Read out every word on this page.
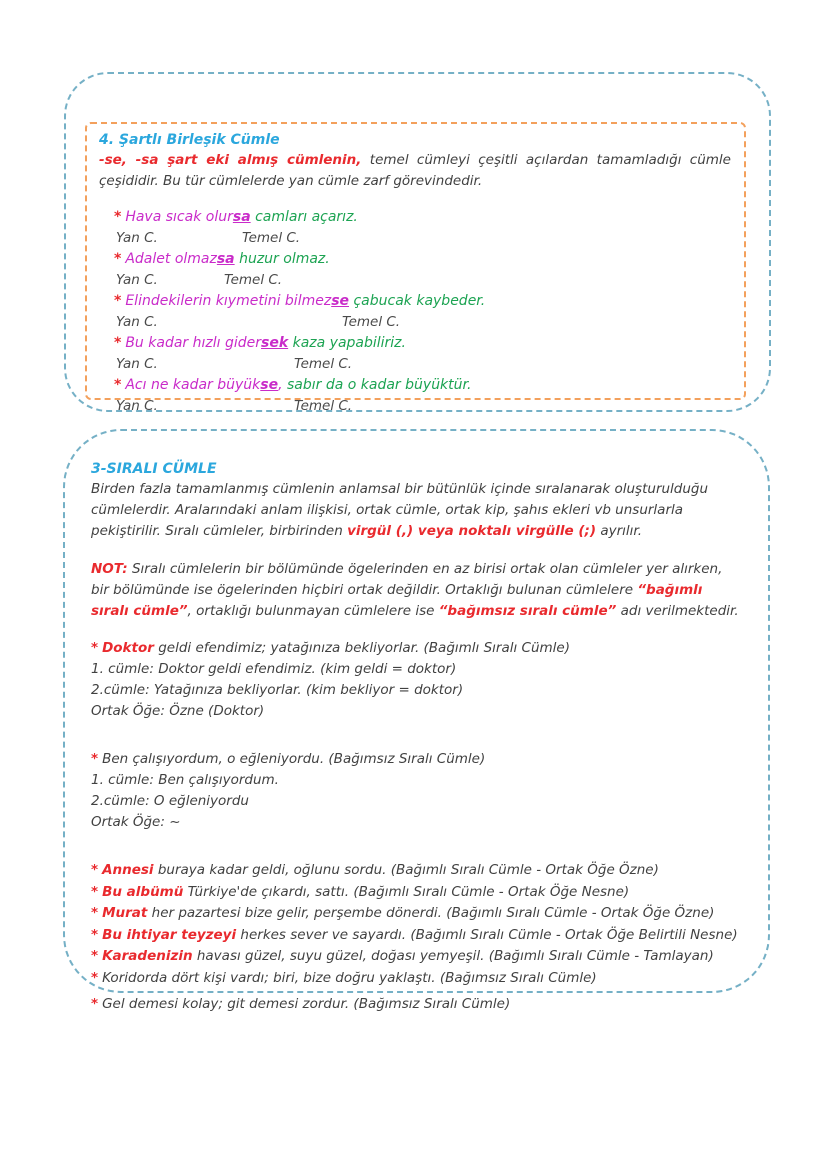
4. Şartlı Birleşik Cümle

-se, -sa şart eki almış cümlenin, temel cümleyi çeşitli açılardan tamamladığı cümle çeşididir. Bu tür cümlelerde yan cümle zarf görevindedir.

* Hava sıcak olursa camları açarız.
Yan C.	Temel C.
* Adalet olmazsa huzur olmaz.
Yan C.	Temel C.
* Elindekilerin kıymetini bilmezse çabucak kaybeder.
Yan C.	Temel C.
* Bu kadar hızlı gidersek kaza yapabiliriz.
Yan C.	Temel C.
* Acı ne kadar büyükse, sabır da o kadar büyüktür.
Yan C.	Temel C.
3-SIRALI CÜMLE

Birden fazla tamamlanmış cümlenin anlamsal bir bütünlük içinde sıralanarak oluşturulduğu cümlelerdir. Aralarındaki anlam ilişkisi, ortak cümle, ortak kip, şahıs ekleri vb unsurlarla pekiştirilir. Sıralı cümleler, birbirinden virgül (,) veya noktalı virgülle (;) ayrılır.

NOT: Sıralı cümlelerin bir bölümünde ögelerinden en az birisi ortak olan cümleler yer alırken, bir bölümünde ise ögelerinden hiçbiri ortak değildir. Ortaklığı bulunan cümlelere “bağımlı sıralı cümle”, ortaklığı bulunmayan cümlelere ise “bağımsız sıralı cümle” adı verilmektedir.

* Doktor geldi efendimiz; yatağınıza bekliyorlar. (Bağımlı Sıralı Cümle)
1. cümle: Doktor geldi efendimiz. (kim geldi = doktor)
2.cümle: Yatağınıza bekliyorlar. (kim bekliyor = doktor)
Ortak Öğe: Özne (Doktor)
* Ben çalışıyordum, o eğleniyordu. (Bağımsız Sıralı Cümle)
1. cümle: Ben çalışıyordum.
2.cümle: O eğleniyordu
Ortak Öğe: ~
* Annesi buraya kadar geldi, oğlunu sordu. (Bağımlı Sıralı Cümle - Ortak Öğe Özne)
* Bu albümü Türkiye'de çıkardı, sattı. (Bağımlı Sıralı Cümle - Ortak Öğe Nesne)
* Murat her pazartesi bize gelir, perşembe dönerdi. (Bağımlı Sıralı Cümle - Ortak Öğe Özne)
* Bu ihtiyar teyzeyi herkes sever ve sayardı. (Bağımlı Sıralı Cümle - Ortak Öğe Belirtili Nesne)
* Karadenizin havası güzel, suyu güzel, doğası yemyeşil. (Bağımlı Sıralı Cümle - Tamlayan)
* Koridorda dört kişi vardı; biri, bize doğru yaklaştı. (Bağımsız Sıralı Cümle)
* Gel demesi kolay; git demesi zordur. (Bağımsız Sıralı Cümle)
